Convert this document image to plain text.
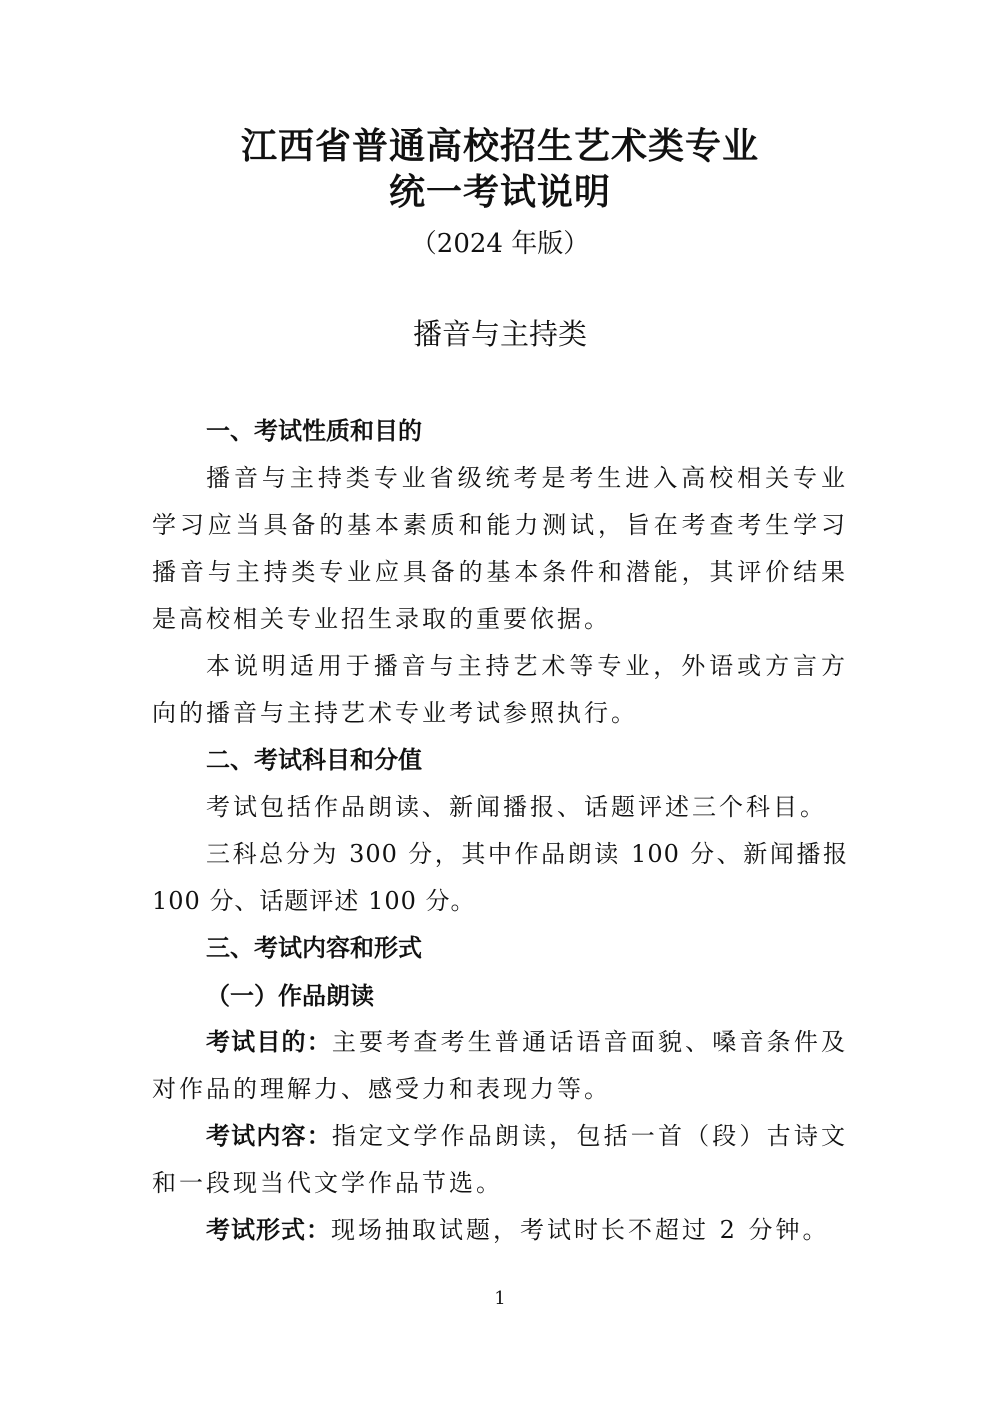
江西省普通高校招生艺术类专业
统一考试说明
（2024 年版）
播音与主持类
一、考试性质和目的

播音与主持类专业省级统考是考生进入高校相关专业学习应当具备的基本素质和能力测试，旨在考查考生学习播音与主持类专业应具备的基本条件和潜能，其评价结果是高校相关专业招生录取的重要依据。

本说明适用于播音与主持艺术等专业，外语或方言方向的播音与主持艺术专业考试参照执行。

二、考试科目和分值

考试包括作品朗读、新闻播报、话题评述三个科目。

三科总分为 300 分，其中作品朗读 100 分、新闻播报 100 分、话题评述 100 分。

三、考试内容和形式
（一）作品朗读

考试目的：主要考查考生普通话语音面貌、嗓音条件及对作品的理解力、感受力和表现力等。

考试内容：指定文学作品朗读，包括一首（段）古诗文和一段现当代文学作品节选。

考试形式：现场抽取试题，考试时长不超过 2 分钟。

1
